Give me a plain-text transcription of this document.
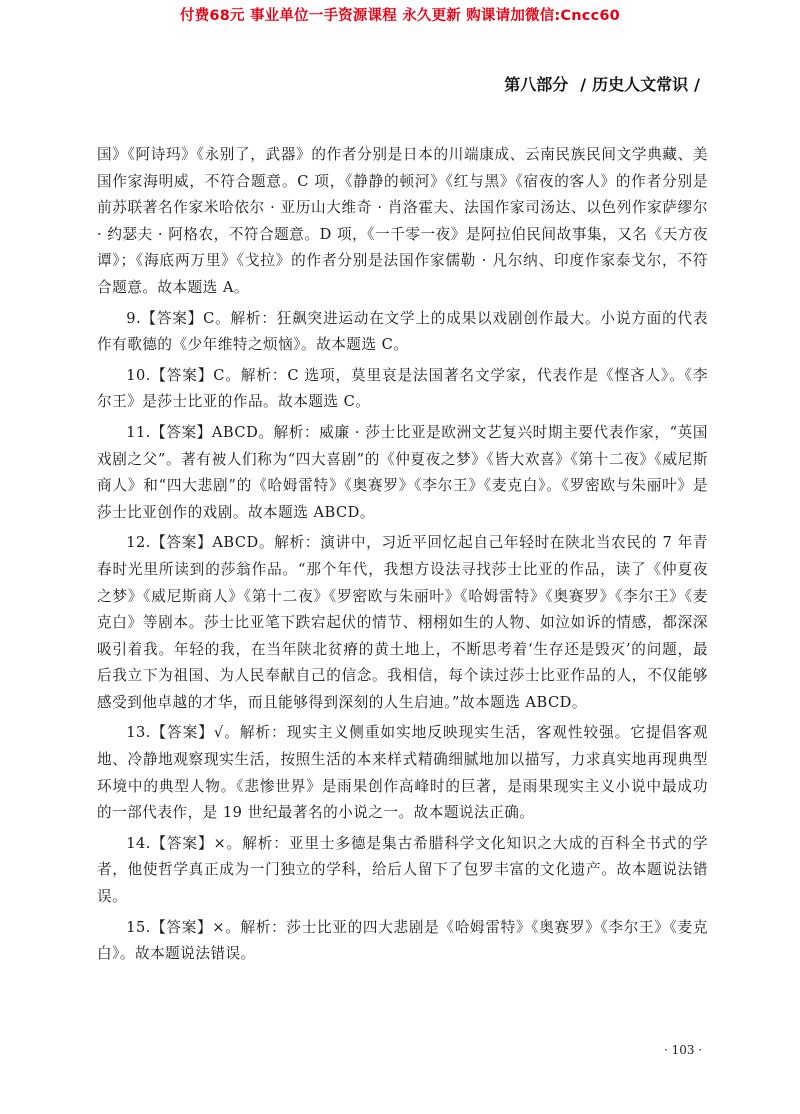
付费68元 事业单位一手资源课程 永久更新 购课请加微信:Cncc60
第八部分 / 历史人文常识 /

国》《阿诗玛》《永别了，武器》的作者分别是日本的川端康成、云南民族民间文学典藏、美国作家海明威，不符合题意。C 项，《静静的顿河》《红与黑》《宿夜的客人》的作者分别是前苏联著名作家米哈依尔 · 亚历山大维奇 · 肖洛霍夫、法国作家司汤达、以色列作家萨缪尔 · 约瑟夫 · 阿格农，不符合题意。D 项，《一千零一夜》是阿拉伯民间故事集，又名《天方夜谭》；《海底两万里》《戈拉》的作者分别是法国作家儒勒 · 凡尔纳、印度作家泰戈尔，不符合题意。故本题选 A。

9.【答案】C。解析：狂飙突进运动在文学上的成果以戏剧创作最大。小说方面的代表作有歌德的《少年维特之烦恼》。故本题选 C。

10.【答案】C。解析：C 选项，莫里哀是法国著名文学家，代表作是《悭吝人》。《李尔王》是莎士比亚的作品。故本题选 C。

11.【答案】ABCD。解析：威廉 · 莎士比亚是欧洲文艺复兴时期主要代表作家，“英国戏剧之父”。著有被人们称为“四大喜剧”的《仲夏夜之梦》《皆大欢喜》《第十二夜》《威尼斯商人》和“四大悲剧”的《哈姆雷特》《奥赛罗》《李尔王》《麦克白》。《罗密欧与朱丽叶》是莎士比亚创作的戏剧。故本题选 ABCD。

12.【答案】ABCD。解析：演讲中，习近平回忆起自己年轻时在陕北当农民的 7 年青春时光里所读到的莎翁作品。“那个年代，我想方设法寻找莎士比亚的作品，读了《仲夏夜之梦》《威尼斯商人》《第十二夜》《罗密欧与朱丽叶》《哈姆雷特》《奥赛罗》《李尔王》《麦克白》等剧本。莎士比亚笔下跌宕起伏的情节、栩栩如生的人物、如泣如诉的情感，都深深吸引着我。年轻的我，在当年陕北贫瘠的黄土地上，不断思考着‘生存还是毁灭’的问题，最后我立下为祖国、为人民奉献自己的信念。我相信，每个读过莎士比亚作品的人，不仅能够感受到他卓越的才华，而且能够得到深刻的人生启迪。”故本题选 ABCD。

13.【答案】√。解析：现实主义侧重如实地反映现实生活，客观性较强。它提倡客观地、冷静地观察现实生活，按照生活的本来样式精确细腻地加以描写，力求真实地再现典型环境中的典型人物。《悲惨世界》是雨果创作高峰时的巨著，是雨果现实主义小说中最成功的一部代表作，是 19 世纪最著名的小说之一。故本题说法正确。

14.【答案】×。解析：亚里士多德是集古希腊科学文化知识之大成的百科全书式的学者，他使哲学真正成为一门独立的学科，给后人留下了包罗丰富的文化遗产。故本题说法错误。

15.【答案】×。解析：莎士比亚的四大悲剧是《哈姆雷特》《奥赛罗》《李尔王》《麦克白》。故本题说法错误。

· 103 ·
